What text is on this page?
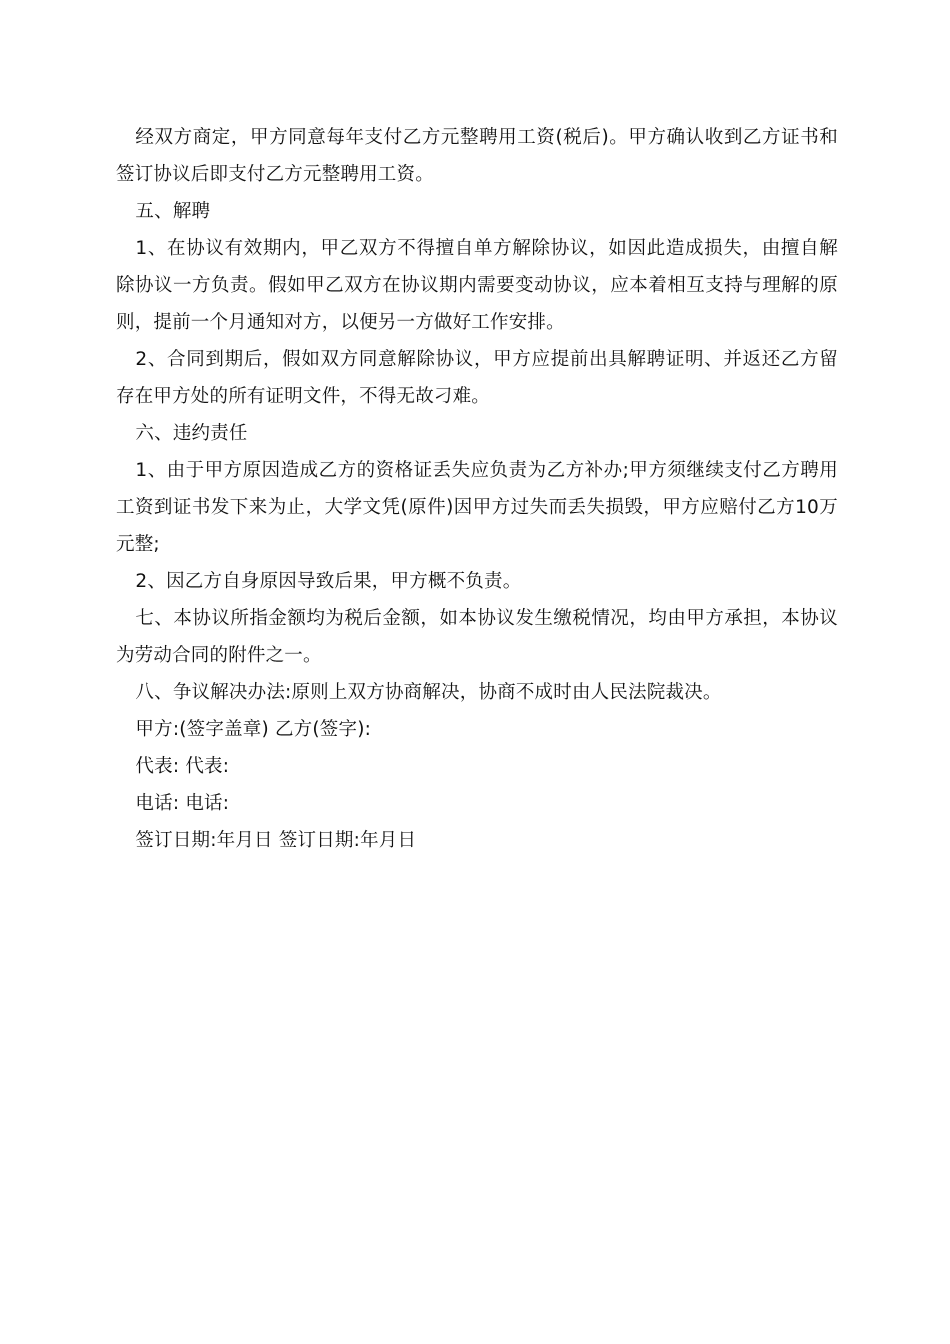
经双方商定，甲方同意每年支付乙方元整聘用工资(税后)。甲方确认收到乙方证书和签订协议后即支付乙方元整聘用工资。

五、解聘

1、在协议有效期内，甲乙双方不得擅自单方解除协议，如因此造成损失，由擅自解除协议一方负责。假如甲乙双方在协议期内需要变动协议，应本着相互支持与理解的原则，提前一个月通知对方，以便另一方做好工作安排。

2、合同到期后，假如双方同意解除协议，甲方应提前出具解聘证明、并返还乙方留存在甲方处的所有证明文件，不得无故刁难。

六、违约责任

1、由于甲方原因造成乙方的资格证丢失应负责为乙方补办;甲方须继续支付乙方聘用工资到证书发下来为止，大学文凭(原件)因甲方过失而丢失损毁，甲方应赔付乙方10万元整;

2、因乙方自身原因导致后果，甲方概不负责。

七、本协议所指金额均为税后金额，如本协议发生缴税情况，均由甲方承担，本协议为劳动合同的附件之一。

八、争议解决办法:原则上双方协商解决，协商不成时由人民法院裁决。

甲方:(签字盖章) 乙方(签字):

代表: 代表:

电话: 电话:

签订日期:年月日 签订日期:年月日
